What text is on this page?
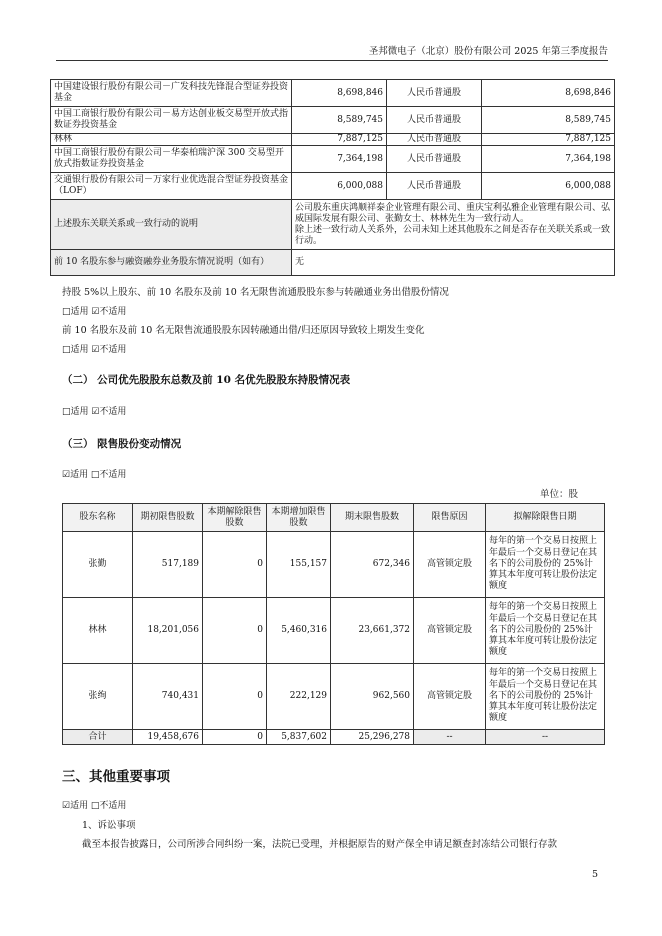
圣邦微电子（北京）股份有限公司 2025 年第三季度报告
中国建设银行股份有限公司－广发科技先锋混合型证券投资基金	8,698,846	人民币普通股	8,698,846
中国工商银行股份有限公司－易方达创业板交易型开放式指数证券投资基金	8,589,745	人民币普通股	8,589,745
林林	7,887,125	人民币普通股	7,887,125
中国工商银行股份有限公司－华泰柏瑞沪深 300 交易型开放式指数证券投资基金	7,364,198	人民币普通股	7,364,198
交通银行股份有限公司－万家行业优选混合型证券投资基金（LOF）	6,000,088	人民币普通股	6,000,088
上述股东关联关系或一致行动的说明	公司股东重庆鸿顺祥泰企业管理有限公司、重庆宝利弘雅企业管理有限公司、弘威国际发展有限公司、张勤女士、林林先生为一致行动人。
除上述一致行动人关系外，公司未知上述其他股东之间是否存在关联关系或一致行动。		

前 10 名股东参与融资融券业务股东情况说明（如有）	无		
持股 5%以上股东、前 10 名股东及前 10 名无限售流通股股东参与转融通业务出借股份情况
□适用 ☑不适用
前 10 名股东及前 10 名无限售流通股股东因转融通出借/归还原因导致较上期发生变化
□适用 ☑不适用
（二） 公司优先股股东总数及前 10 名优先股股东持股情况表
□适用 ☑不适用
（三） 限售股份变动情况
☑适用 □不适用
单位：股
股东名称	期初限售股数	本期解除限售股数	本期增加限售股数	期末限售股数	限售原因	拟解除限售日期
张勤	517,189	0	155,157	672,346	高管锁定股	每年的第一个交易日按照上年最后一个交易日登记在其名下的公司股份的 25%计算其本年度可转让股份法定额度
林林	18,201,056	0	5,460,316	23,661,372	高管锁定股	每年的第一个交易日按照上年最后一个交易日登记在其名下的公司股份的 25%计算其本年度可转让股份法定额度
张绚	740,431	0	222,129	962,560	高管锁定股	每年的第一个交易日按照上年最后一个交易日登记在其名下的公司股份的 25%计算其本年度可转让股份法定额度
合计	19,458,676	0	5,837,602	25,296,278	--	--
三、其他重要事项
☑适用 □不适用
1、诉讼事项
截至本报告披露日，公司所涉合同纠纷一案，法院已受理，并根据原告的财产保全申请足额查封冻结公司银行存款
5
